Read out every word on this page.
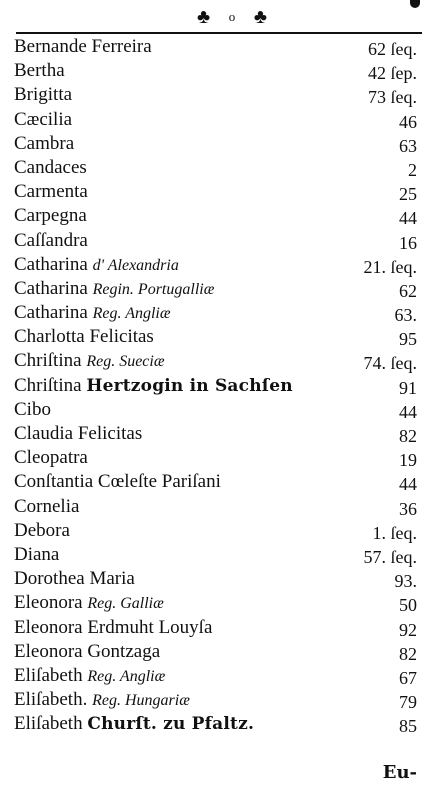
♣ o ♣
Bernande Ferreira	62 ſeq.
Bertha	42 ſep.
Brigitta	73 ſeq.
Cæcilia	46
Cambra	63
Candaces	2
Carmenta	25
Carpegna	44
Caſſandra	16
Catharina d' Alexandria	21. ſeq.
Catharina Regin. Portugalliæ	62
Catharina Reg. Angliæ	63.
Charlotta Felicitas	95
Chriſtina Reg. Sueciæ	74. ſeq.
Chriſtina Hertzogin in Sachſen	91
Cibo	44
Claudia Felicitas	82
Cleopatra	19
Conſtantia Cœleſte Pariſani	44
Cornelia	36
Debora	1. ſeq.
Diana	57. ſeq.
Dorothea Maria	93.
Eleonora Reg. Galliæ	50
Eleonora Erdmuht Louyſa	92
Eleonora Gontzaga	82
Eliſabeth Reg. Angliæ	67
Eliſabeth. Reg. Hungariæ	79
Eliſabeth Churſt. zu Pfaltz.	85
Eu-
